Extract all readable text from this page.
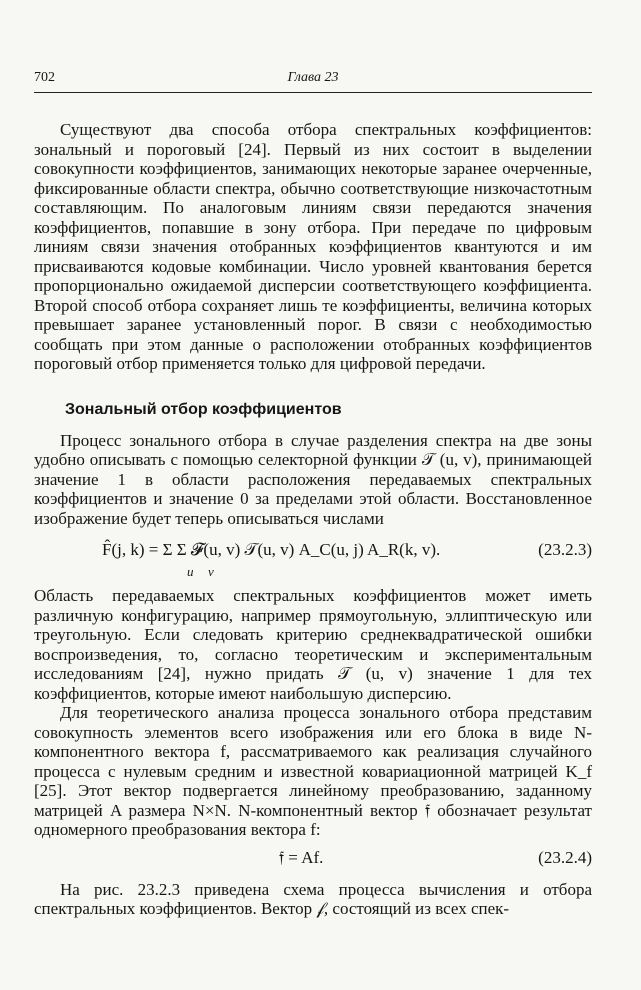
702	Глава 23

Существуют два способа отбора спектральных коэффициентов: зональный и пороговый [24]. Первый из них состоит в выделении совокупности коэффициентов, занимающих некоторые заранее очерченные, фиксированные области спектра, обычно соответствующие низкочастотным составляющим. По аналоговым линиям связи передаются значения коэффициентов, попавшие в зону отбора. При передаче по цифровым линиям связи значения отобранных коэффициентов квантуются и им присваиваются кодовые комбинации. Число уровней квантования берется пропорционально ожидаемой дисперсии соответствующего коэффициента. Второй способ отбора сохраняет лишь те коэффициенты, величина которых превышает заранее установленный порог. В связи с необходимостью сообщать при этом данные о расположении отобранных коэффициентов пороговый отбор применяется только для цифровой передачи.

Зональный отбор коэффициентов

Процесс зонального отбора в случае разделения спектра на две зоны удобно описывать с помощью селекторной функции 𝒯 (u, v), принимающей значение 1 в области расположения передаваемых спектральных коэффициентов и значение 0 за пределами этой области. Восстановленное изображение будет теперь описываться числами

F̂(j, k) = Σ Σ 𝓕(u, v) 𝒯(u, v) A_C(u, j) A_R(k, v).
u v
(23.2.3)

Область передаваемых спектральных коэффициентов может иметь различную конфигурацию, например прямоугольную, эллиптическую или треугольную. Если следовать критерию среднеквадратической ошибки воспроизведения, то, согласно теоретическим и экспериментальным исследованиям [24], нужно придать 𝒯 (u, v) значение 1 для тех коэффициентов, которые имеют наибольшую дисперсию.

Для теоретического анализа процесса зонального отбора представим совокупность элементов всего изображения или его блока в виде N-компонентного вектора f, рассматриваемого как реализация случайного процесса с нулевым средним и известной ковариационной матрицей K_f [25]. Этот вектор подвергается линейному преобразованию, заданному матрицей A размера N×N. N-компонентный вектор 𝔣 обозначает результат одномерного преобразования вектора f:

𝔣 = Af.	(23.2.4)

На рис. 23.2.3 приведена схема процесса вычисления и отбора спектральных коэффициентов. Вектор 𝒻, состоящий из всех спек-
